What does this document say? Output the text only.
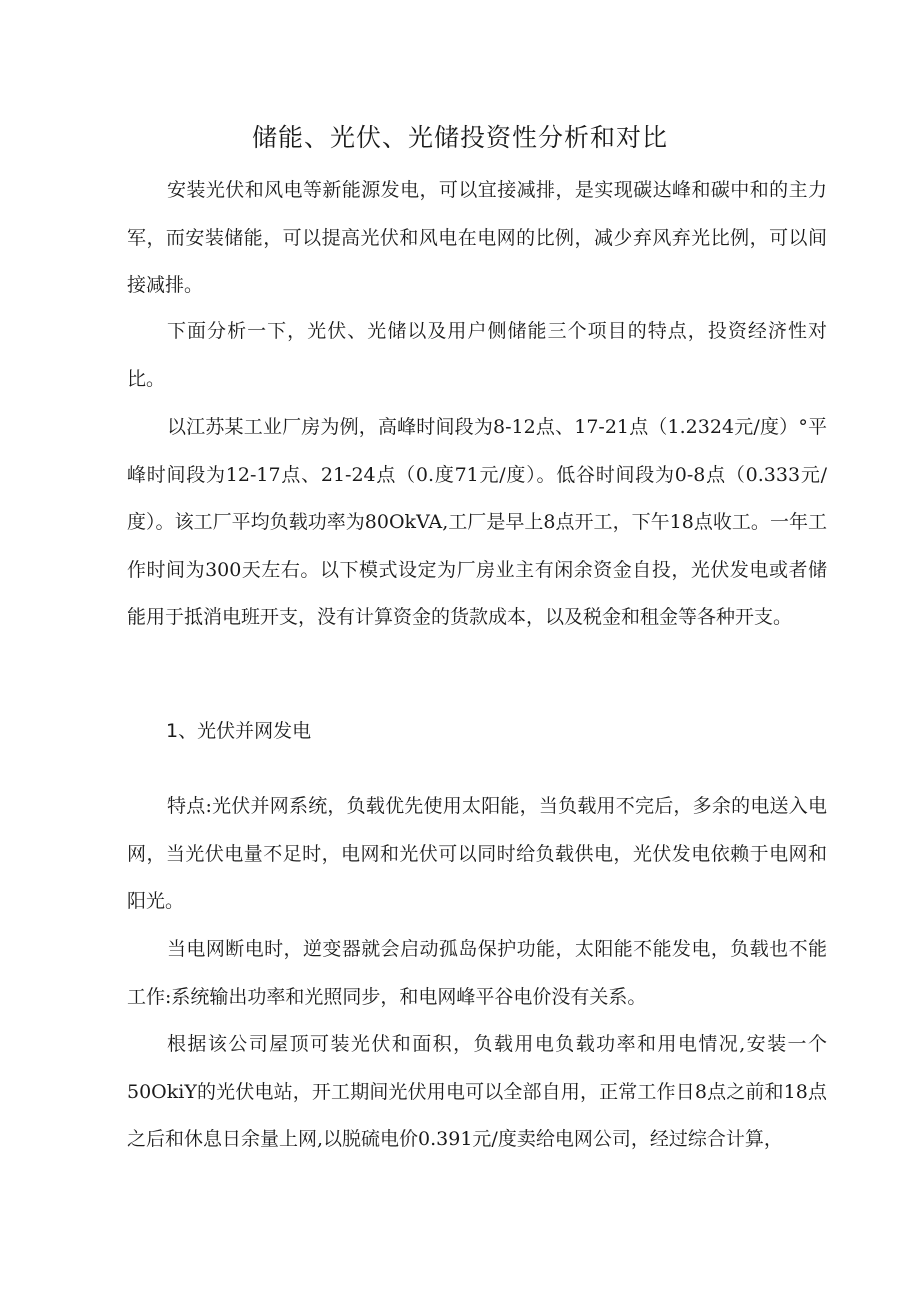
储能、光伏、光储投资性分析和对比

安装光伏和风电等新能源发电，可以宜接减排，是实现碳达峰和碳中和的主力军，而安装储能，可以提高光伏和风电在电网的比例，减少弃风弃光比例，可以间接减排。

下面分析一下，光伏、光储以及用户侧储能三个项目的特点，投资经济性对比。

以江苏某工业厂房为例，高峰时间段为8-12点、17-21点（1.2324元/度）°平峰时间段为12-17点、21-24点（0.度71元/度）。低谷时间段为0-8点（0.333元/度）。该工厂平均负载功率为80OkVA,工厂是早上8点开工，下午18点收工。一年工作时间为300天左右。以下模式设定为厂房业主有闲余资金自投，光伏发电或者储能用于抵消电班开支，没有计算资金的货款成本，以及税金和租金等各种开支。

1、光伏并网发电

特点:光伏并网系统，负载优先使用太阳能，当负载用不完后，多余的电送入电网，当光伏电量不足时，电网和光伏可以同时给负载供电，光伏发电依赖于电网和阳光。

当电网断电时，逆变器就会启动孤岛保护功能，太阳能不能发电，负载也不能工作:系统输出功率和光照同步，和电网峰平谷电价没有关系。

根据该公司屋顶可装光伏和面积，负载用电负载功率和用电情况,安装一个50OkiY的光伏电站，开工期间光伏用电可以全部自用，正常工作日8点之前和18点之后和休息日余量上网,以脱硫电价0.391元/度卖给电网公司，经过综合计算，
